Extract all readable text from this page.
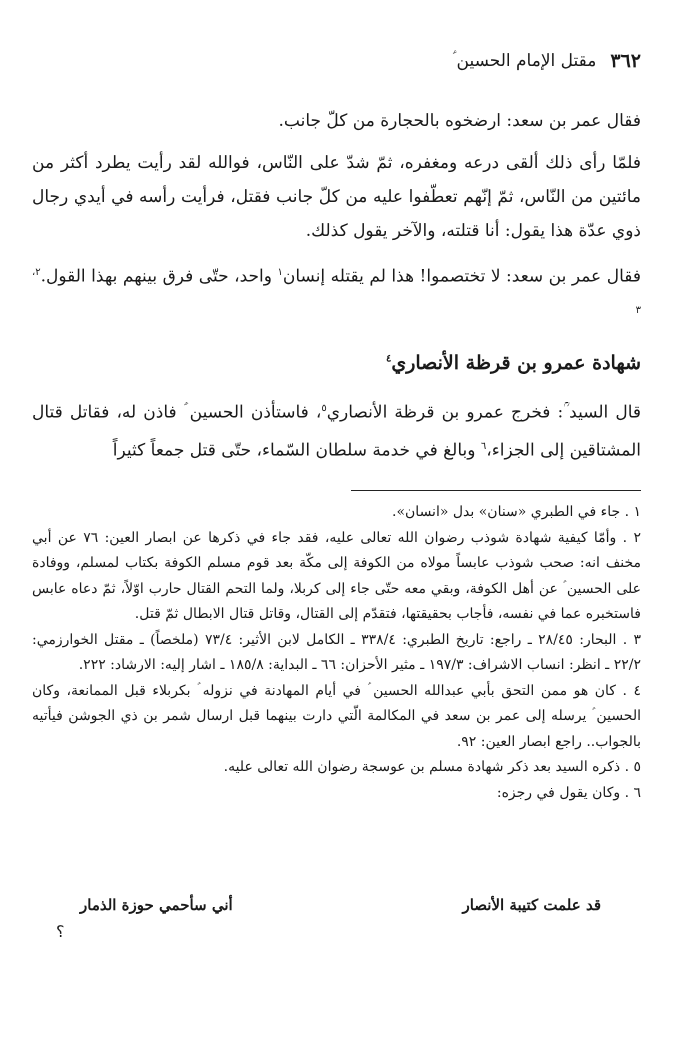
٣٦٢
مقتل الإمام الحسين ؑ

فقال عمر بن سعد: ارضخوه بالحجارة من كلّ جانب.

فلمّا رأى ذلك ألقى درعه ومغفره، ثمّ شدّ على النّاس، فوالله لقد رأيت يطرد أكثر من مائتين من النّاس، ثمّ إنّهم تعطّفوا عليه من كلّ جانب فقتل، فرأيت رأسه في أيدي رجال ذوي عدّة هذا يقول: أنا قتلته، والآخر يقول كذلك.

فقال عمر بن سعد: لا تختصموا! هذا لم يقتله إنسان$^١$ واحد، حتّى فرق بينهم بهذا القول.$^{٢، ٣}$

شهادة عمرو بن قرظة الأنصاري$^٤$
قال السيد ؒ: فخرج عمرو بن قرظة الأنصاري$^٥$، فاستأذن الحسين ؑ فاذن له، فقاتل قتال المشتاقين إلى الجزاء،$^٦$ وبالغ في خدمة سلطان السّماء، حتّى قتل جمعاً كثيراً

١ . جاء في الطبري «سنان» بدل «انسان».

٢ . وأمّا كيفية شهادة شوذب رضوان الله تعالى عليه، فقد جاء في ذكرها عن ابصار العين: ٧٦ عن أبي مخنف انه: صحب شوذب عابساً مولاه من الكوفة إلى مكّة بعد قوم مسلم الكوفة بكتاب لمسلم، ووفادة على الحسين ؑ عن أهل الكوفة، وبقي معه حتّى جاء إلى كربلا، ولما التحم القتال حارب اوّلاً، ثمّ دعاه عابس فاستخبره عما في نفسه، فأجاب بحقيقتها، فتقدّم إلى القتال، وقاتل قتال الابطال ثمّ قتل.

٣ . البحار: ٢٨/٤٥ ـ راجع: تاريخ الطبري: ٣٣٨/٤ ـ الكامل لابن الأثير: ٧٣/٤ (ملخصاً) ـ مقتل الخوارزمي: ٢٢/٢ ـ انظر: انساب الاشراف: ١٩٧/٣ ـ مثير الأحزان: ٦٦ ـ البداية: ١٨٥/٨ ـ اشار إليه: الارشاد: ٢٢٢.

٤ . كان هو ممن التحق بأبي عبدالله الحسين ؑ في أيام المهادنة في نزوله ؑ بكربلاء قبل الممانعة، وكان الحسين ؑ يرسله إلى عمر بن سعد في المكالمة الّتي دارت بينهما قبل ارسال شمر بن ذي الجوشن فيأتيه بالجواب.. راجع ابصار العين: ٩٢.

٥ . ذكره السيد بعد ذكر شهادة مسلم بن عوسجة رضوان الله تعالى عليه.

٦ . وكان يقول في رجزه:

قد علمت كتيبة الأنصار
أني سأحمي حوزة الذمار
؟
